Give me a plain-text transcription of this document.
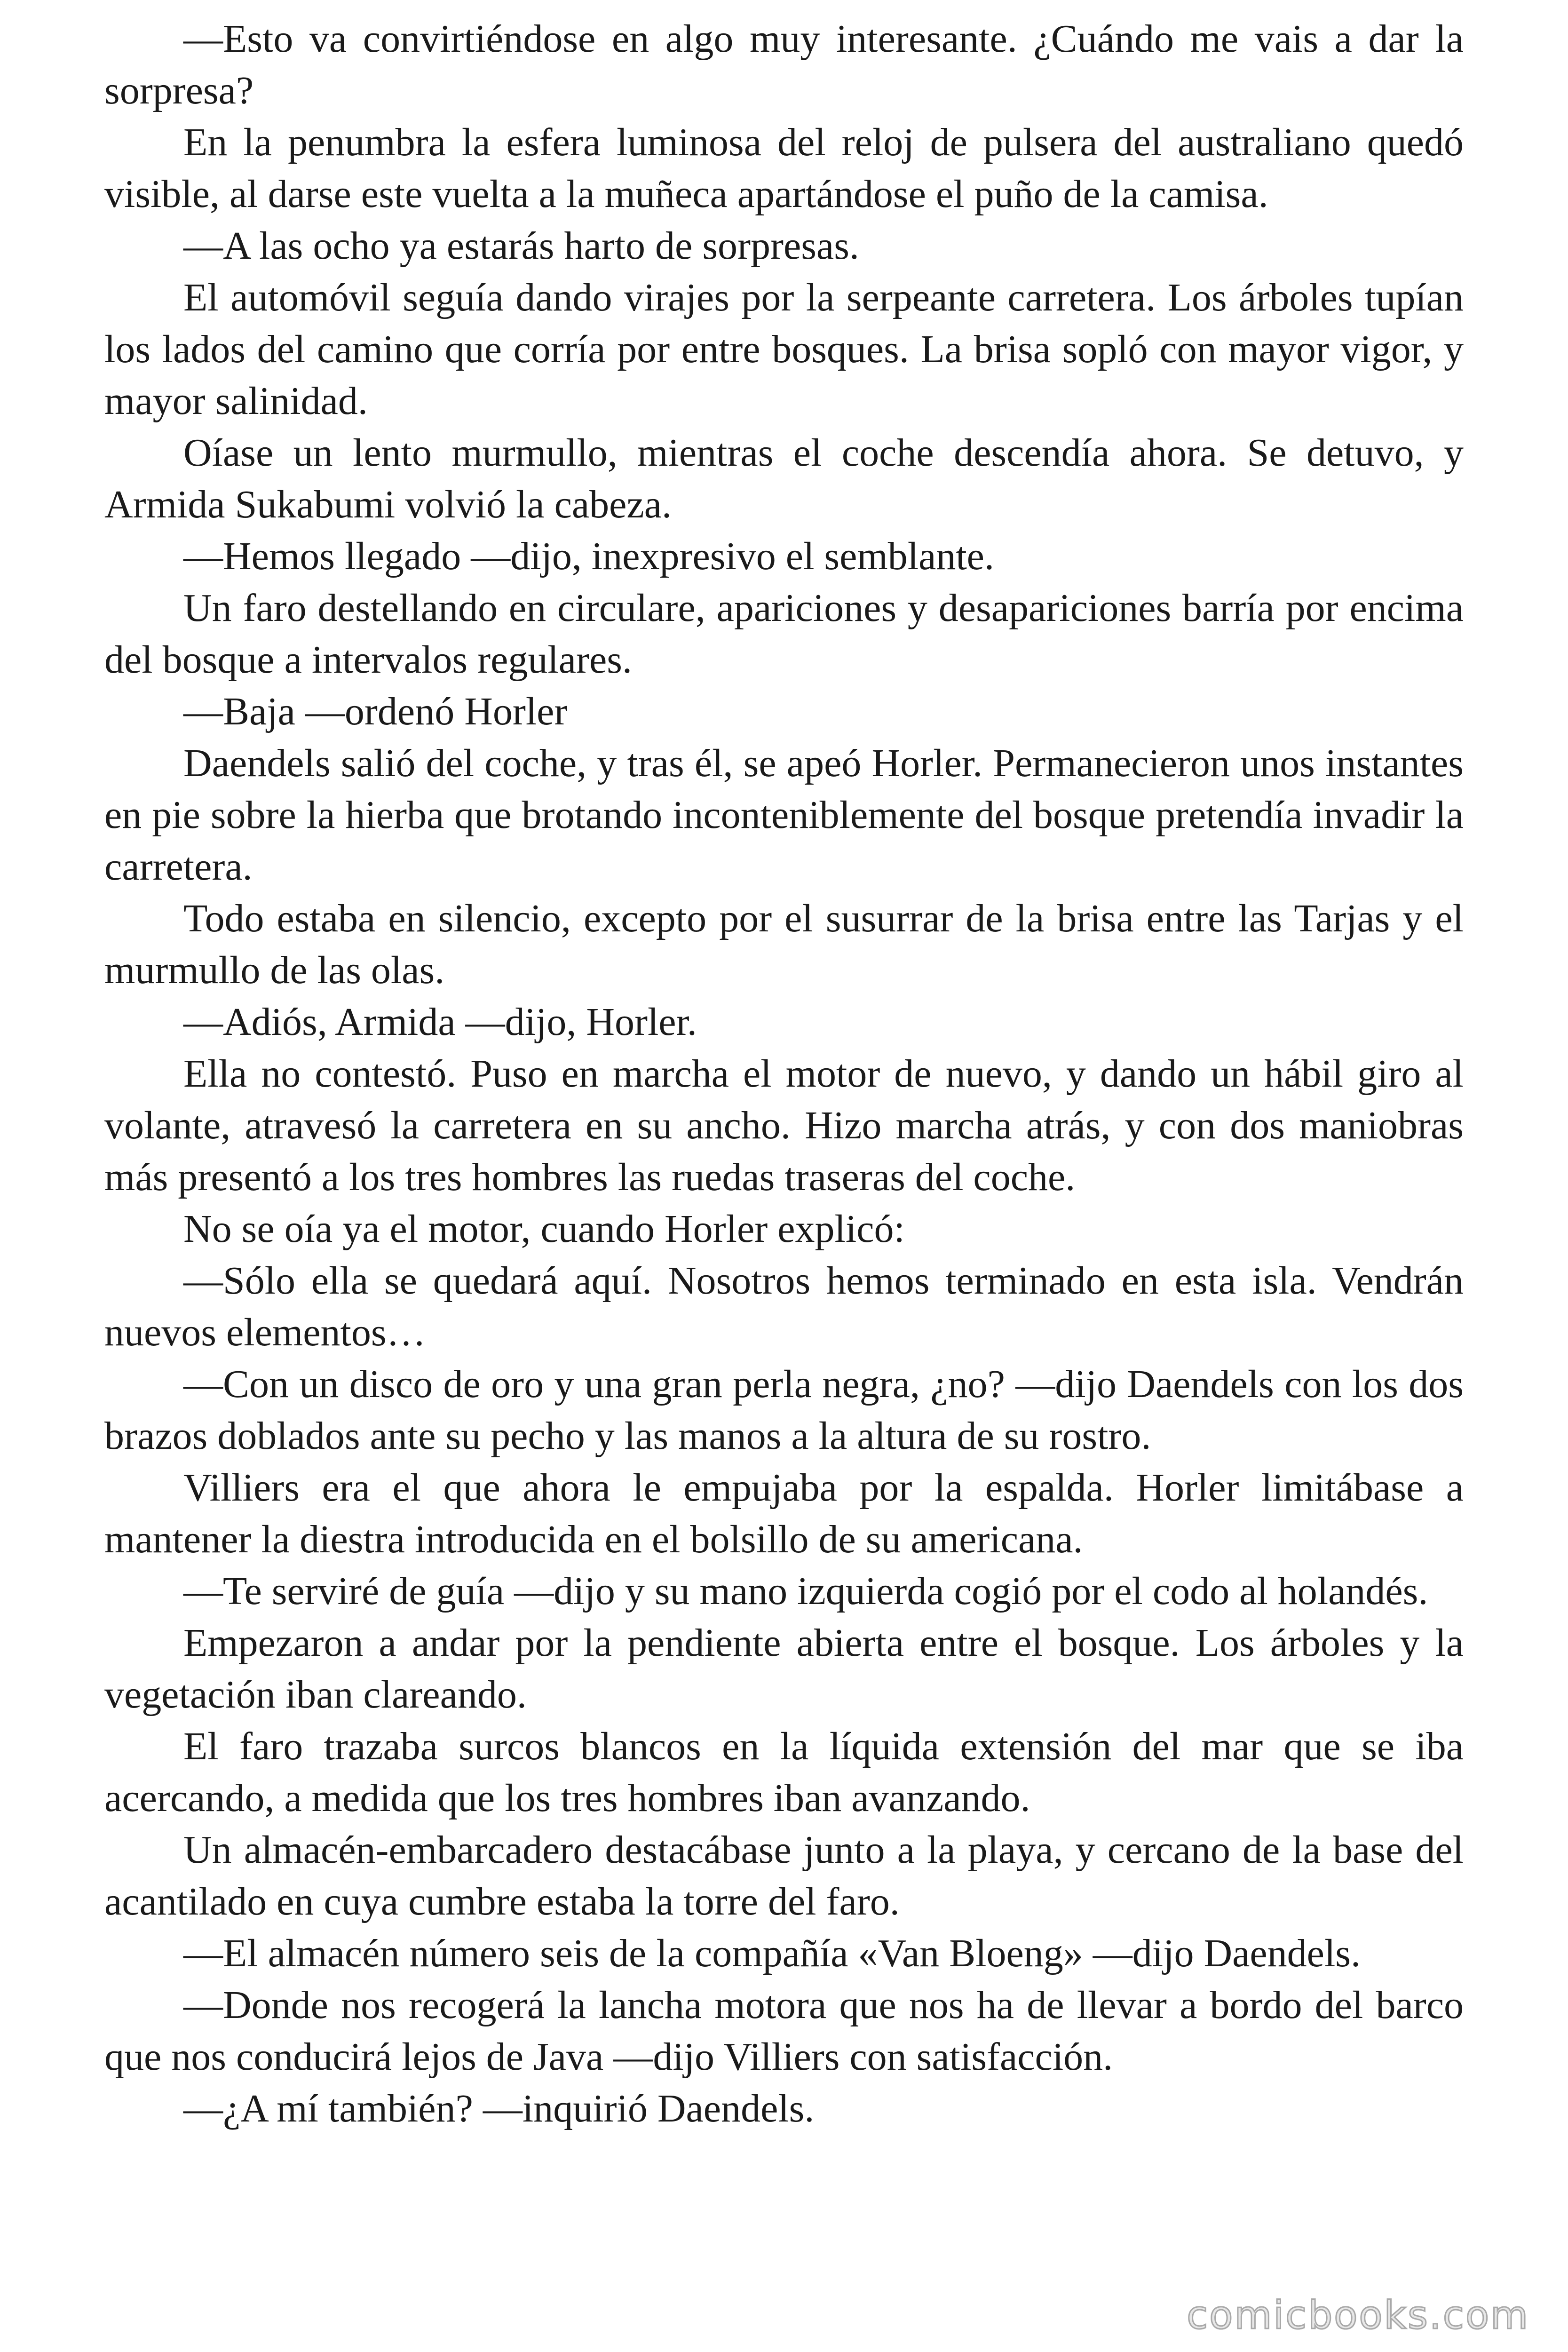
—Esto va convirtiéndose en algo muy interesante. ¿Cuándo me vais a dar la sorpresa?

En la penumbra la esfera luminosa del reloj de pulsera del australiano quedó visible, al darse este vuelta a la muñeca apartándose el puño de la camisa.

—A las ocho ya estarás harto de sorpresas.

El automóvil seguía dando virajes por la serpeante carretera. Los árboles tupían los lados del camino que corría por entre bosques. La brisa sopló con mayor vigor, y mayor salinidad.

Oíase un lento murmullo, mientras el coche descendía ahora. Se detuvo, y Armida Sukabumi volvió la cabeza.

—Hemos llegado —dijo, inexpresivo el semblante.

Un faro destellando en circulare, apariciones y desapariciones barría por encima del bosque a intervalos regulares.

—Baja —ordenó Horler

Daendels salió del coche, y tras él, se apeó Horler. Permanecieron unos instantes en pie sobre la hierba que brotando inconteniblemente del bosque pretendía invadir la carretera.

Todo estaba en silencio, excepto por el susurrar de la brisa entre las Tarjas y el murmullo de las olas.

—Adiós, Armida —dijo, Horler.

Ella no contestó. Puso en marcha el motor de nuevo, y dando un hábil giro al volante, atravesó la carretera en su ancho. Hizo marcha atrás, y con dos maniobras más presentó a los tres hombres las ruedas traseras del coche.

No se oía ya el motor, cuando Horler explicó:

—Sólo ella se quedará aquí. Nosotros hemos terminado en esta isla. Vendrán nuevos elementos…

—Con un disco de oro y una gran perla negra, ¿no? —dijo Daendels con los dos brazos doblados ante su pecho y las manos a la altura de su rostro.

Villiers era el que ahora le empujaba por la espalda. Horler limitábase a mantener la diestra introducida en el bolsillo de su americana.

—Te serviré de guía —dijo y su mano izquierda cogió por el codo al holandés.

Empezaron a andar por la pendiente abierta entre el bosque. Los árboles y la vegetación iban clareando.

El faro trazaba surcos blancos en la líquida extensión del mar que se iba acercando, a medida que los tres hombres iban avanzando.

Un almacén-embarcadero destacábase junto a la playa, y cercano de la base del acantilado en cuya cumbre estaba la torre del faro.

—El almacén número seis de la compañía «Van Bloeng» —dijo Daendels.

—Donde nos recogerá la lancha motora que nos ha de llevar a bordo del barco que nos conducirá lejos de Java —dijo Villiers con satisfacción.

—¿A mí también? —inquirió Daendels.

comicbooks.com
